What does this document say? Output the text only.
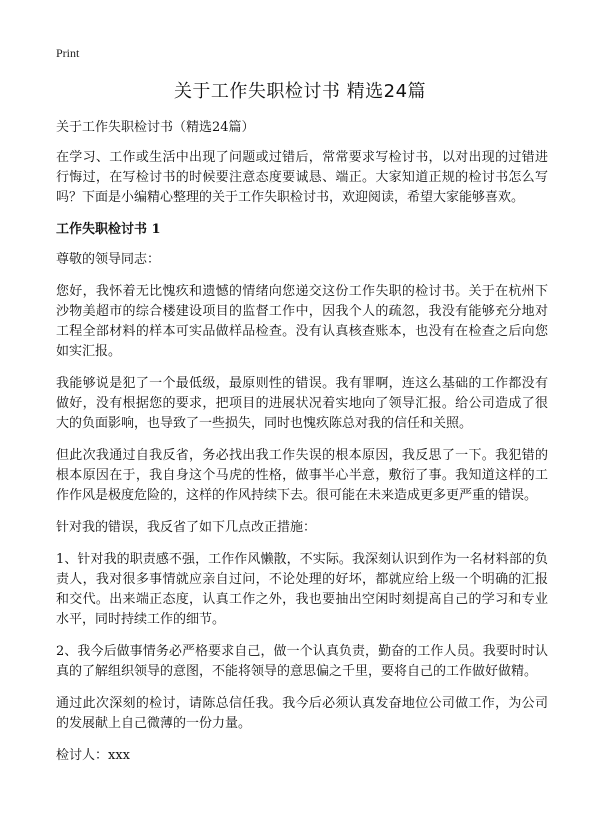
Print
关于工作失职检讨书 精选24篇

关于工作失职检讨书（精选24篇）

在学习、工作或生活中出现了问题或过错后，常常要求写检讨书，以对出现的过错进行悔过，在写检讨书的时候要注意态度要诚恳、端正。大家知道正规的检讨书怎么写吗？下面是小编精心整理的关于工作失职检讨书，欢迎阅读，希望大家能够喜欢。

工作失职检讨书 1

尊敬的领导同志：

您好，我怀着无比愧疚和遗憾的情绪向您递交这份工作失职的检讨书。关于在杭州下沙物美超市的综合楼建设项目的监督工作中，因我个人的疏忽，我没有能够充分地对工程全部材料的样本可实品做样品检查。没有认真核查账本，也没有在检查之后向您如实汇报。

我能够说是犯了一个最低级，最原则性的错误。我有罪啊，连这么基础的工作都没有做好，没有根据您的要求，把项目的进展状况着实地向了领导汇报。给公司造成了很大的负面影响，也导致了一些损失，同时也愧疚陈总对我的信任和关照。

但此次我通过自我反省，务必找出我工作失误的根本原因，我反思了一下。我犯错的根本原因在于，我自身这个马虎的性格，做事半心半意，敷衍了事。我知道这样的工作作风是极度危险的，这样的作风持续下去。很可能在未来造成更多更严重的错误。

针对我的错误，我反省了如下几点改正措施：

1、针对我的职责感不强，工作作风懒散，不实际。我深刻认识到作为一名材料部的负责人，我对很多事情就应亲自过问，不论处理的好坏，都就应给上级一个明确的汇报和交代。出来端正态度，认真工作之外，我也要抽出空闲时刻提高自己的学习和专业水平，同时持续工作的细节。

2、我今后做事情务必严格要求自己，做一个认真负责，勤奋的工作人员。我要时时认真的了解组织领导的意图，不能将领导的意思偏之千里，要将自己的工作做好做精。

通过此次深刻的检讨，请陈总信任我。我今后必须认真发奋地位公司做工作，为公司的发展献上自己微薄的一份力量。

检讨人：xxx
